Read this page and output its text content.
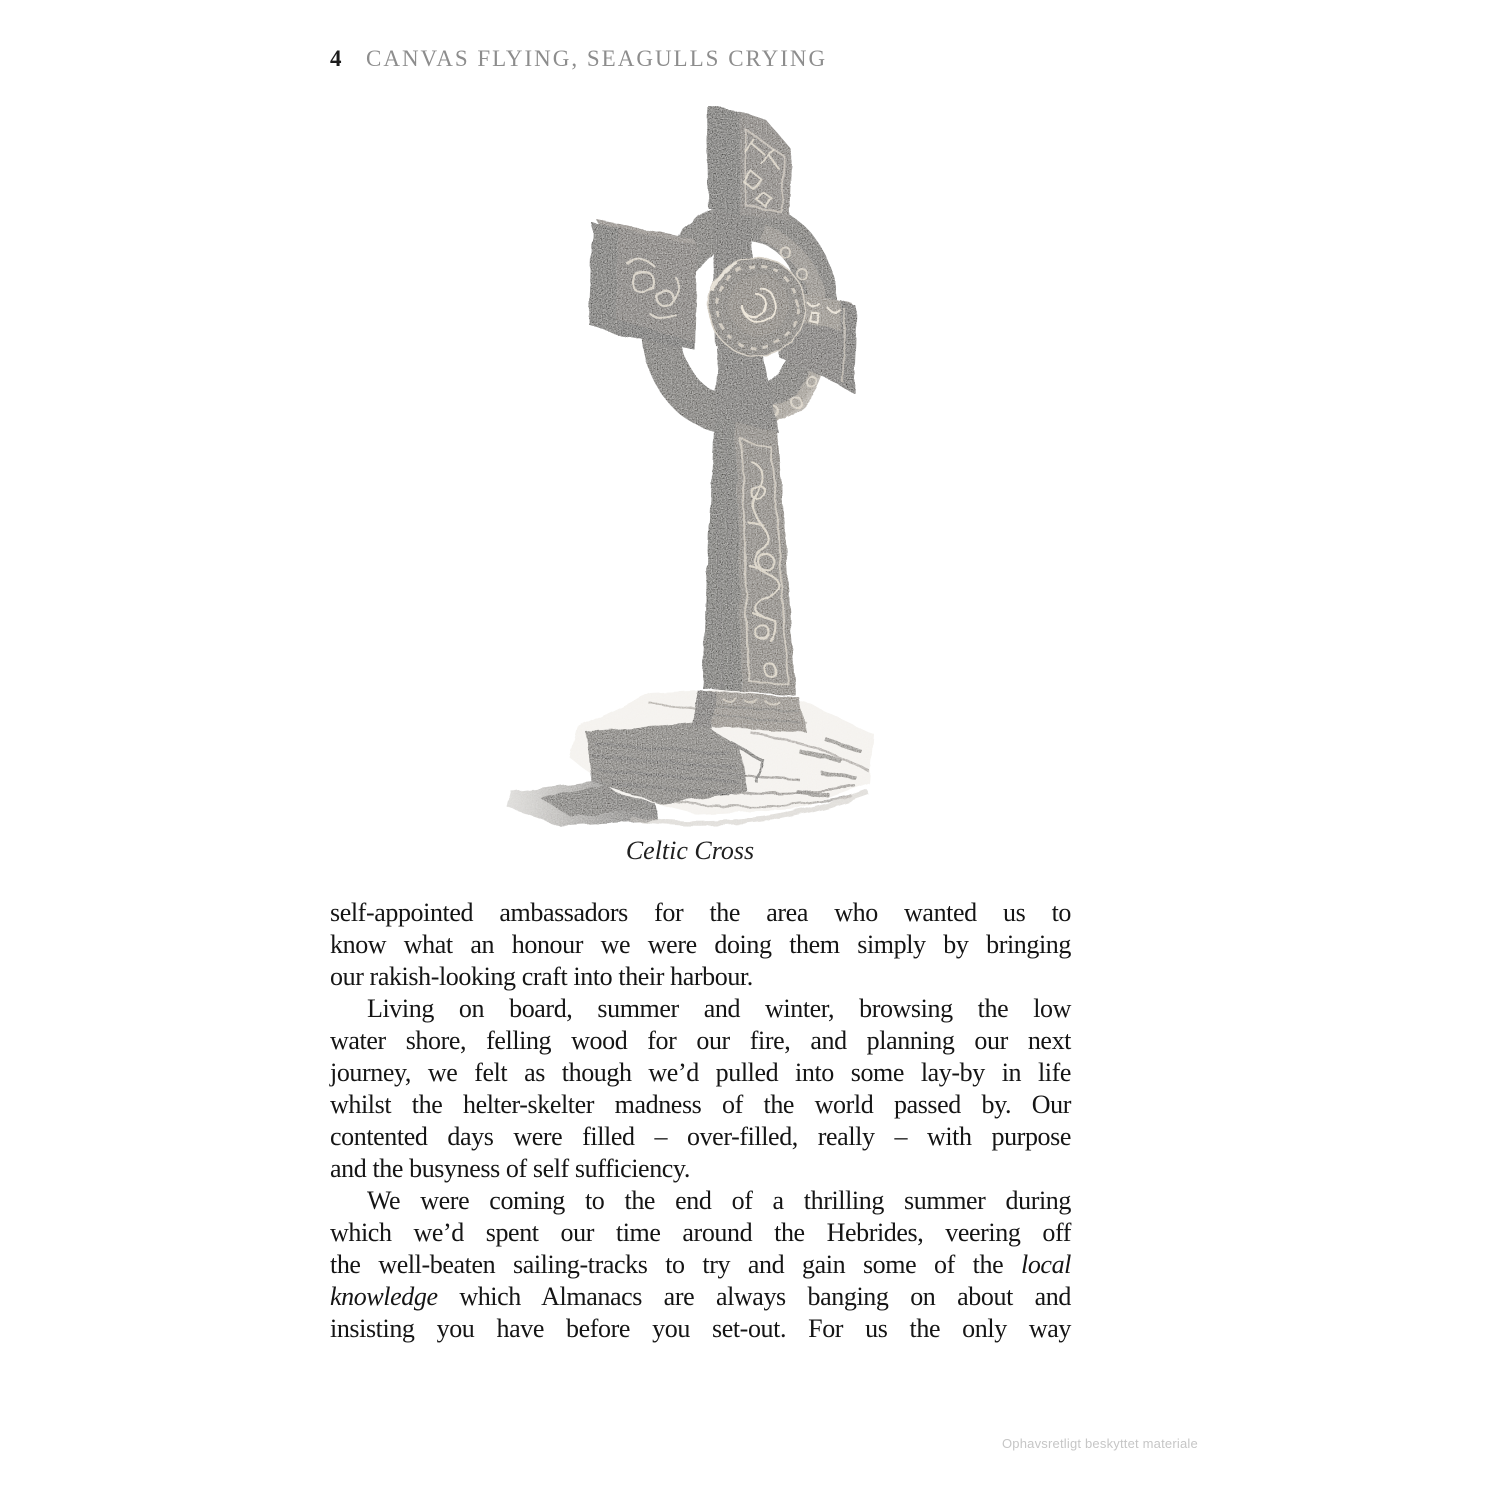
4 CANVAS FLYING, SEAGULLS CRYING
Celtic Cross
self-appointed ambassadors for the area who wanted us to
know what an honour we were doing them simply by bringing
our rakish-looking craft into their harbour.
Living on board, summer and winter, browsing the low
water shore, felling wood for our fire, and planning our next
journey, we felt as though we’d pulled into some lay-by in life
whilst the helter-skelter madness of the world passed by. Our
contented days were filled – over-filled, really – with purpose
and the busyness of self sufficiency.
We were coming to the end of a thrilling summer during
which we’d spent our time around the Hebrides, veering off
the well-beaten sailing-tracks to try and gain some of the local
knowledge which Almanacs are always banging on about and
insisting you have before you set-out. For us the only way
Ophavsretligt beskyttet materiale
